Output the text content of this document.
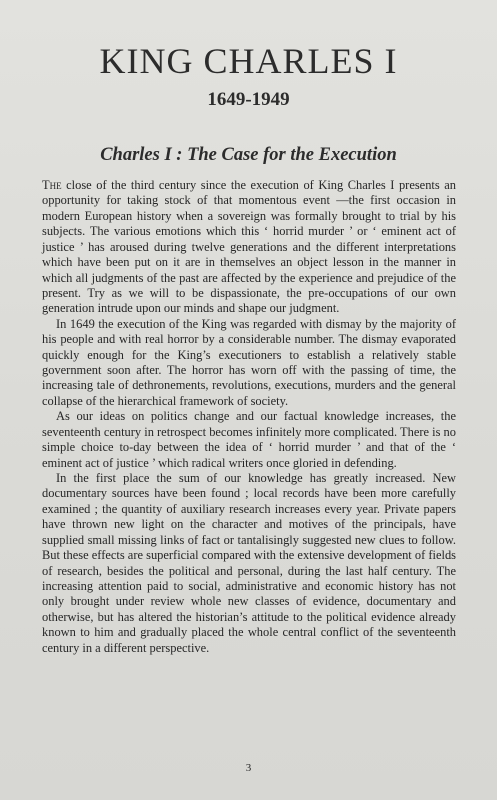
KING CHARLES I
1649-1949
Charles I : The Case for the Execution

The close of the third century since the execution of King Charles I presents an opportunity for taking stock of that momentous event —the first occasion in modern European history when a sovereign was formally brought to trial by his subjects. The various emotions which this ‘ horrid murder ’ or ‘ eminent act of justice ’ has aroused during twelve generations and the different interpretations which have been put on it are in themselves an object lesson in the manner in which all judgments of the past are affected by the experience and prejudice of the present. Try as we will to be dispassionate, the pre-occupations of our own generation intrude upon our minds and shape our judgment.

In 1649 the execution of the King was regarded with dismay by the majority of his people and with real horror by a considerable number. The dismay evaporated quickly enough for the King’s executioners to establish a relatively stable government soon after. The horror has worn off with the passing of time, the increasing tale of dethronements, revolutions, executions, murders and the general collapse of the hierarchical framework of society.

As our ideas on politics change and our factual knowledge increases, the seventeenth century in retrospect becomes infinitely more complicated. There is no simple choice to-day between the idea of ‘ horrid murder ’ and that of the ‘ eminent act of justice ’ which radical writers once gloried in defending.

In the first place the sum of our knowledge has greatly increased. New documentary sources have been found ; local records have been more carefully examined ; the quantity of auxiliary research increases every year. Private papers have thrown new light on the character and motives of the principals, have supplied small missing links of fact or tantalisingly suggested new clues to follow. But these effects are superficial compared with the extensive development of fields of research, besides the political and personal, during the last half century. The increasing attention paid to social, administrative and economic history has not only brought under review whole new classes of evidence, documentary and otherwise, but has altered the historian’s attitude to the political evidence already known to him and gradually placed the whole central conflict of the seventeenth century in a different perspective.

3
